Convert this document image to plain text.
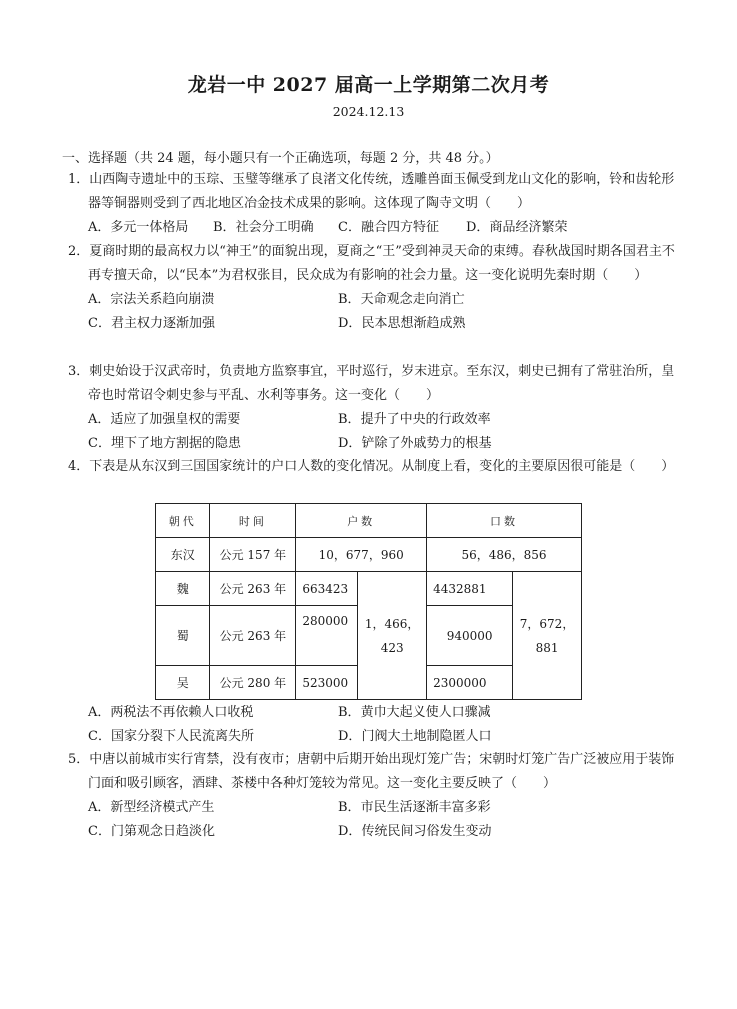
龙岩一中 2027 届高一上学期第二次月考
2024.12.13
一、选择题（共 24 题，每小题只有一个正确选项，每题 2 分，共 48 分。）
1．山西陶寺遗址中的玉琮、玉璧等继承了良渚文化传统，透雕兽面玉佩受到龙山文化的影响，铃和齿轮形器等铜器则受到了西北地区冶金技术成果的影响。这体现了陶寺文明（　　）
A．多元一体格局 B．社会分工明确 C．融合四方特征 D．商品经济繁荣
2．夏商时期的最高权力以“神王”的面貌出现，夏商之“王”受到神灵天命的束缚。春秋战国时期各国君主不再专擅天命，以“民本”为君权张目，民众成为有影响的社会力量。这一变化说明先秦时期（　　）
A．宗法关系趋向崩溃	B．天命观念走向消亡
C．君主权力逐渐加强	D．民本思想渐趋成熟
3．刺史始设于汉武帝时，负责地方监察事宜，平时巡行，岁末进京。至东汉，刺史已拥有了常驻治所，皇帝也时常诏令刺史参与平乱、水利等事务。这一变化（　　）
A．适应了加强皇权的需要	B．提升了中央的行政效率
C．埋下了地方割据的隐患	D．铲除了外戚势力的根基
4．下表是从东汉到三国国家统计的户口人数的变化情况。从制度上看，变化的主要原因很可能是（　　）
朝代	时间	户数		口数	
东汉	公元 157 年	10，677，960		56，486，856	
魏	公元 263 年	663423	1，466，423	4432881	7，672，881
蜀	公元 263 年	280000		940000	
吴	公元 280 年	523000		2300000	
A．两税法不再依赖人口收税	B．黄巾大起义使人口骤减
C．国家分裂下人民流离失所	D．门阀大土地制隐匿人口
5．中唐以前城市实行宵禁，没有夜市；唐朝中后期开始出现灯笼广告；宋朝时灯笼广告广泛被应用于装饰门面和吸引顾客，酒肆、茶楼中各种灯笼较为常见。这一变化主要反映了（　　）
A．新型经济模式产生	B．市民生活逐渐丰富多彩
C．门第观念日趋淡化	D．传统民间习俗发生变动
